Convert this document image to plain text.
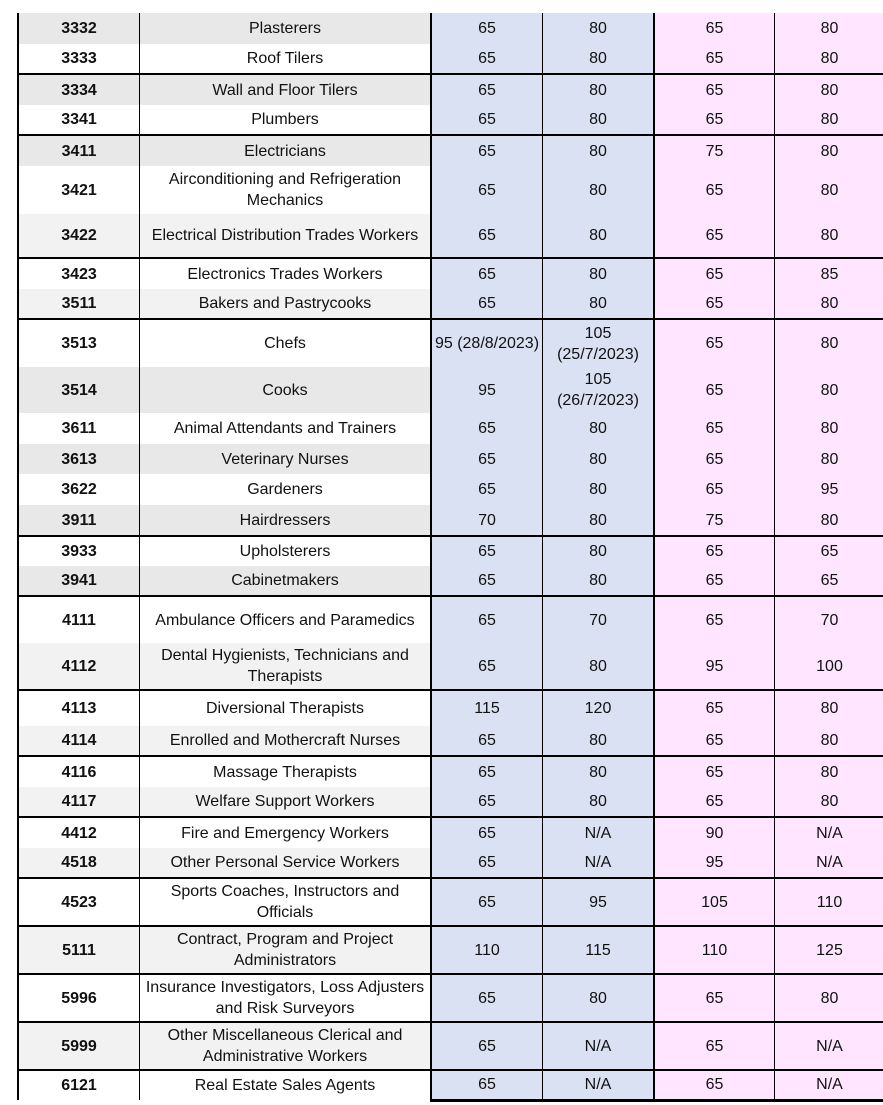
3332	Plasterers	65	80	65	80
3333	Roof Tilers	65	80	65	80
3334	Wall and Floor Tilers	65	80	65	80
3341	Plumbers	65	80	65	80
3411	Electricians	65	80	75	80
3421	Airconditioning and Refrigeration Mechanics	65	80	65	80
3422	Electrical Distribution Trades Workers	65	80	65	80
3423	Electronics Trades Workers	65	80	65	85
3511	Bakers and Pastrycooks	65	80	65	80
3513	Chefs	95 (28/8/2023)	105 (25/7/2023)	65	80
3514	Cooks	95	105 (26/7/2023)	65	80
3611	Animal Attendants and Trainers	65	80	65	80
3613	Veterinary Nurses	65	80	65	80
3622	Gardeners	65	80	65	95
3911	Hairdressers	70	80	75	80
3933	Upholsterers	65	80	65	65
3941	Cabinetmakers	65	80	65	65
4111	Ambulance Officers and Paramedics	65	70	65	70
4112	Dental Hygienists, Technicians and Therapists	65	80	95	100
4113	Diversional Therapists	115	120	65	80
4114	Enrolled and Mothercraft Nurses	65	80	65	80
4116	Massage Therapists	65	80	65	80
4117	Welfare Support Workers	65	80	65	80
4412	Fire and Emergency Workers	65	N/A	90	N/A
4518	Other Personal Service Workers	65	N/A	95	N/A
4523	Sports Coaches, Instructors and Officials	65	95	105	110
5111	Contract, Program and Project Administrators	110	115	110	125
5996	Insurance Investigators, Loss Adjusters and Risk Surveyors	65	80	65	80
5999	Other Miscellaneous Clerical and Administrative Workers	65	N/A	65	N/A
6121	Real Estate Sales Agents	65	N/A	65	N/A
